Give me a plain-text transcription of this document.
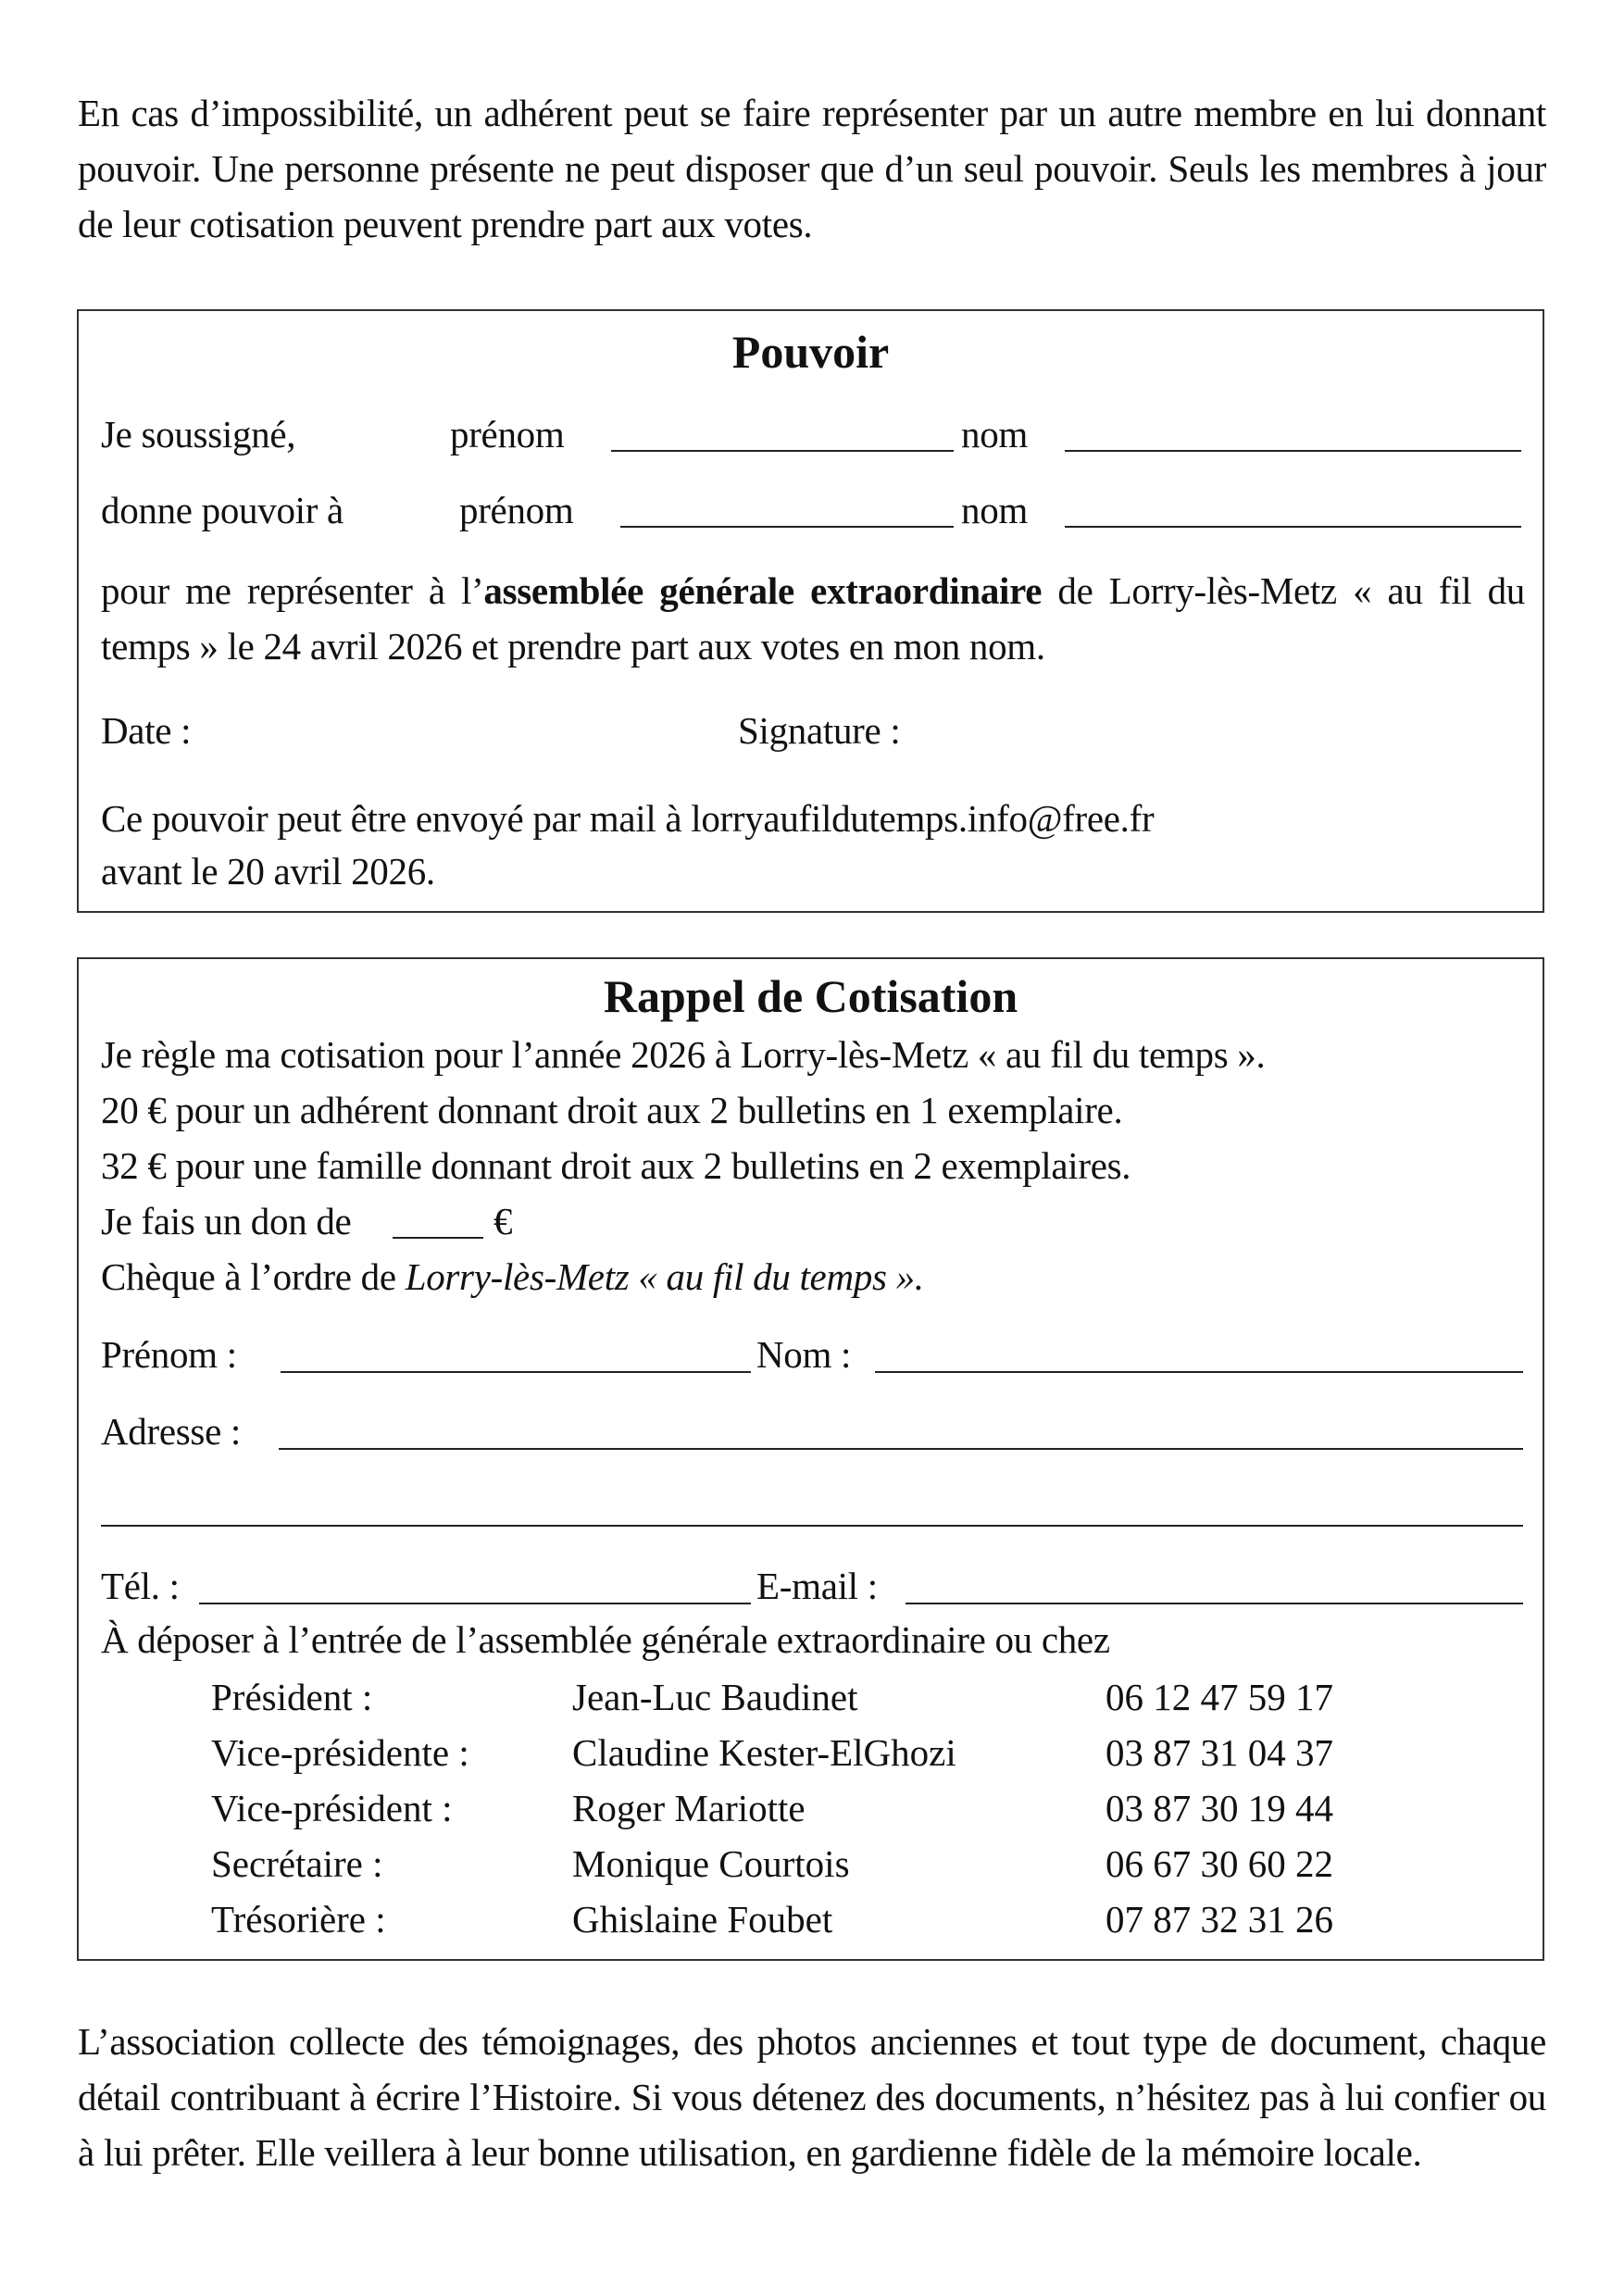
En cas d’impossibilité, un adhérent peut se faire représenter par un autre membre en lui donnant pouvoir. Une personne présente ne peut disposer que d’un seul pouvoir. Seuls les membres à jour de leur cotisation peuvent prendre part aux votes.

Pouvoir
Je soussigné,	prénom	nom
donne pouvoir à	prénom	nom
pour me représenter à l’assemblée générale extraordinaire de Lorry-lès-Metz « au fil du temps » le 24 avril 2026 et prendre part aux votes en mon nom.
Date :	Signature :
Ce pouvoir peut être envoyé par mail à lorryaufildutemps.info@free.fr
avant le 20 avril 2026.
Rappel de Cotisation
Je règle ma cotisation pour l’année 2026 à Lorry-lès-Metz « au fil du temps ».
20 € pour un adhérent donnant droit aux 2 bulletins en 1 exemplaire.
32 € pour une famille donnant droit aux 2 bulletins en 2 exemplaires.
Je fais un don de	€
Chèque à l’ordre de Lorry-lès-Metz « au fil du temps ».
Prénom :	Nom :
Adresse :
Tél. :	E-mail :
À déposer à l’entrée de l’assemblée générale extraordinaire ou chez
Président :	Jean-Luc Baudinet	06 12 47 59 17
Vice-présidente :	Claudine Kester-ElGhozi	03 87 31 04 37
Vice-président :	Roger Mariotte	03 87 30 19 44
Secrétaire :	Monique Courtois	06 67 30 60 22
Trésorière :	Ghislaine Foubet	07 87 32 31 26

L’association collecte des témoignages, des photos anciennes et tout type de document, chaque détail contribuant à écrire l’Histoire. Si vous détenez des documents, n’hésitez pas à lui confier ou à lui prêter. Elle veillera à leur bonne utilisation, en gardienne fidèle de la mémoire locale.
